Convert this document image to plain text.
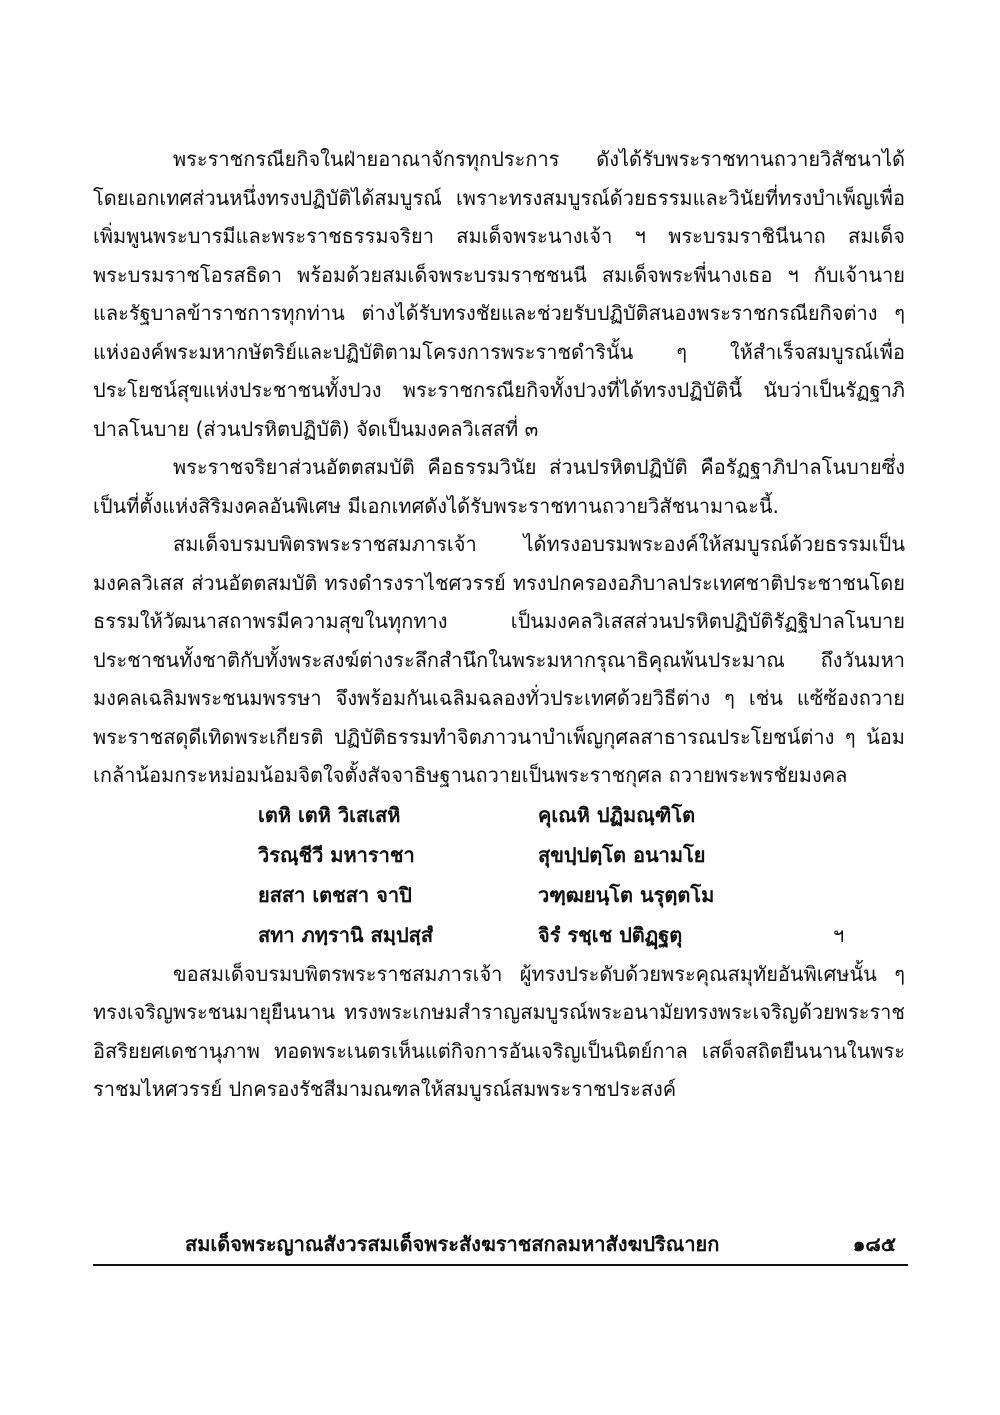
พระราชกรณียกิจในฝ่ายอาณาจักรทุกประการ ดังได้รับพระราชทานถวายวิสัชนาได้โดยเอกเทศส่วนหนึ่งทรงปฏิบัติได้สมบูรณ์ เพราะทรงสมบูรณ์ด้วยธรรมและวินัยที่ทรงบำเพ็ญเพื่อเพิ่มพูนพระบารมีและพระราชธรรมจริยา สมเด็จพระนางเจ้า ฯ พระบรมราชินีนาถ สมเด็จพระบรมราชโอรสธิดา พร้อมด้วยสมเด็จพระบรมราชชนนี สมเด็จพระพี่นางเธอ ฯ กับเจ้านาย และรัฐบาลข้าราชการทุกท่าน ต่างได้รับทรงชัยและช่วยรับปฏิบัติสนองพระราชกรณียกิจต่าง ๆ แห่งองค์พระมหากษัตริย์และปฏิบัติตามโครงการพระราชดำรินั้น ๆ ให้สำเร็จสมบูรณ์เพื่อประโยชน์สุขแห่งประชาชนทั้งปวง พระราชกรณียกิจทั้งปวงที่ได้ทรงปฏิบัตินี้ นับว่าเป็นรัฏฐาภิปาลโนบาย (ส่วนปรหิตปฏิบัติ) จัดเป็นมงคลวิเสสที่ ๓

พระราชจริยาส่วนอัตตสมบัติ คือธรรมวินัย ส่วนปรหิตปฏิบัติ คือรัฏฐาภิปาลโนบายซึ่งเป็นที่ตั้งแห่งสิริมงคลอันพิเศษ มีเอกเทศดังได้รับพระราชทานถวายวิสัชนามาฉะนี้.

สมเด็จบรมบพิตรพระราชสมภารเจ้า ได้ทรงอบรมพระองค์ให้สมบูรณ์ด้วยธรรมเป็นมงคลวิเสส ส่วนอัตตสมบัติ ทรงดำรงราไชศวรรย์ ทรงปกครองอภิบาลประเทศชาติประชาชนโดยธรรมให้วัฒนาสถาพรมีความสุขในทุกทาง เป็นมงคลวิเสสส่วนปรหิตปฏิบัติรัฏฐิปาลโนบายประชาชนทั้งชาติกับทั้งพระสงฆ์ต่างระลึกสำนึกในพระมหากรุณาธิคุณพ้นประมาณ ถึงวันมหามงคลเฉลิมพระชนมพรรษา จึงพร้อมกันเฉลิมฉลองทั่วประเทศด้วยวิธีต่าง ๆ เช่น แซ้ซ้องถวายพระราชสดุดีเทิดพระเกียรติ ปฏิบัติธรรมทำจิตภาวนาบำเพ็ญกุศลสาธารณประโยชน์ต่าง ๆ น้อมเกล้าน้อมกระหม่อมน้อมจิตใจตั้งสัจจาธิษฐานถวายเป็นพระราชกุศล ถวายพระพรชัยมงคล

เตหิ เตหิ วิเสเสหิ	คุเณหิ ปฏิมณฺฑิโต
วิรณฺชีวี มหาราชา	สุขปฺปตฺโต อนามโย
ยสสา เตชสา จาปิ	วฑฺฒยนฺโต นรุตฺตโม
สทา ภทฺรานิ สมฺปสฺสํ	จิรํ รชฺเช ปติฏฺฐตุ	ฯ

ขอสมเด็จบรมบพิตรพระราชสมภารเจ้า ผู้ทรงประดับด้วยพระคุณสมุทัยอันพิเศษนั้น ๆ ทรงเจริญพระชนมายุยืนนาน ทรงพระเกษมสำราญสมบูรณ์พระอนามัยทรงพระเจริญด้วยพระราชอิสริยยศเดชานุภาพ ทอดพระเนตรเห็นแต่กิจการอันเจริญเป็นนิตย์กาล เสด็จสถิตยืนนานในพระราชมไหศวรรย์ ปกครองรัชสีมามณฑลให้สมบูรณ์สมพระราชประสงค์

สมเด็จพระญาณสังวรสมเด็จพระสังฆราชสกลมหาสังฆปริณายก	๑๘๕
